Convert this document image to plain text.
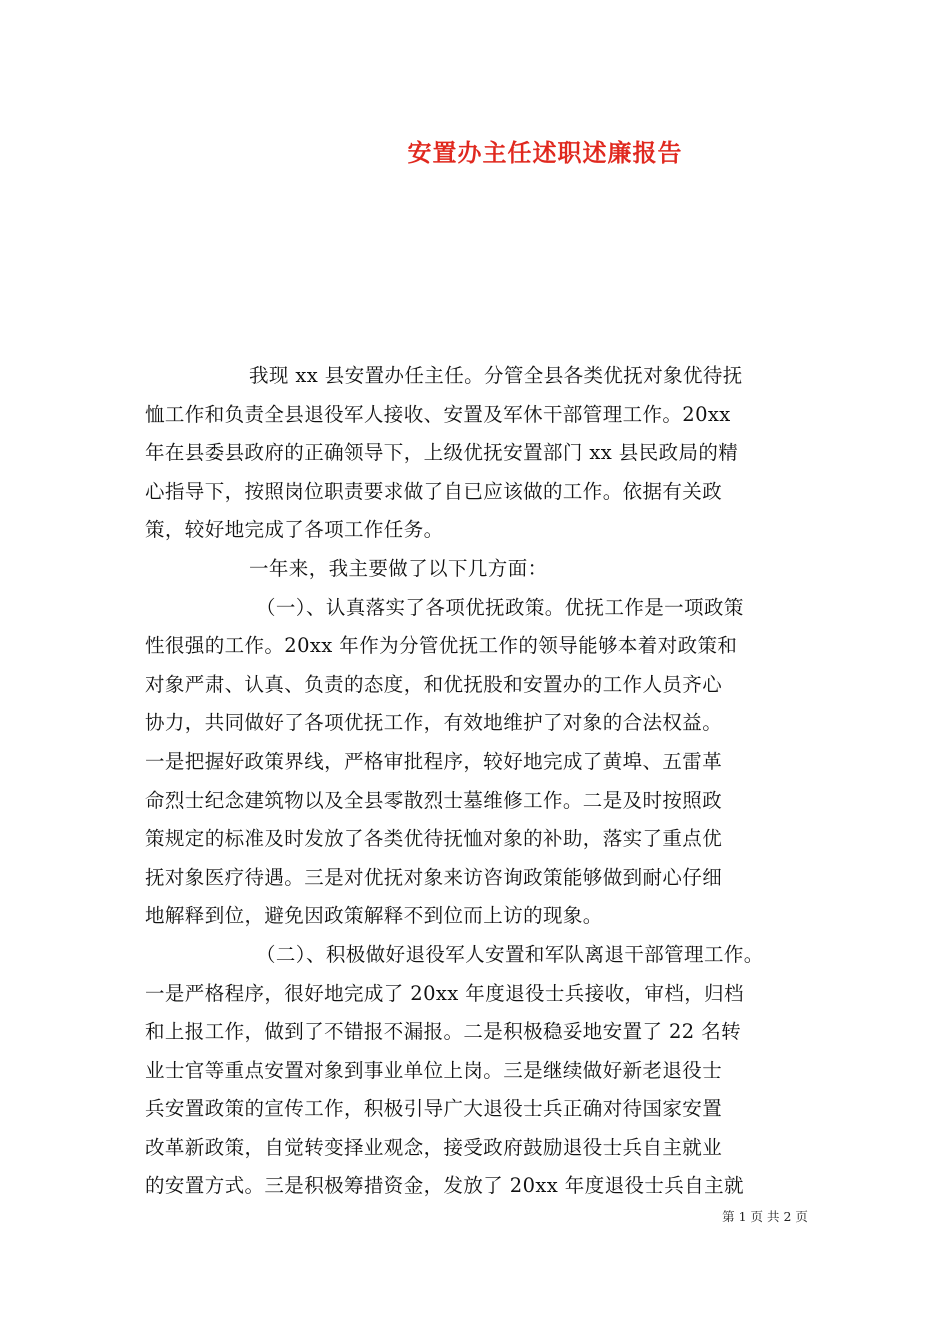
安置办主任述职述廉报告
我现 xx 县安置办任主任。分管全县各类优抚对象优待抚
恤工作和负责全县退役军人接收、安置及军休干部管理工作。20xx
年在县委县政府的正确领导下，上级优抚安置部门 xx 县民政局的精
心指导下，按照岗位职责要求做了自已应该做的工作。依据有关政
策，较好地完成了各项工作任务。
一年来，我主要做了以下几方面：
（一）、认真落实了各项优抚政策。优抚工作是一项政策
性很强的工作。20xx 年作为分管优抚工作的领导能够本着对政策和
对象严肃、认真、负责的态度，和优抚股和安置办的工作人员齐心
协力，共同做好了各项优抚工作，有效地维护了对象的合法权益。
一是把握好政策界线，严格审批程序，较好地完成了黄埠、五雷革
命烈士纪念建筑物以及全县零散烈士墓维修工作。二是及时按照政
策规定的标准及时发放了各类优待抚恤对象的补助，落实了重点优
抚对象医疗待遇。三是对优抚对象来访咨询政策能够做到耐心仔细
地解释到位，避免因政策解释不到位而上访的现象。
（二）、积极做好退役军人安置和军队离退干部管理工作。
一是严格程序，很好地完成了 20xx 年度退役士兵接收，审档，归档
和上报工作，做到了不错报不漏报。二是积极稳妥地安置了 22 名转
业士官等重点安置对象到事业单位上岗。三是继续做好新老退役士
兵安置政策的宣传工作，积极引导广大退役士兵正确对待国家安置
改革新政策，自觉转变择业观念，接受政府鼓励退役士兵自主就业
的安置方式。三是积极筹措资金，发放了 20xx 年度退役士兵自主就
第 1 页 共 2 页
